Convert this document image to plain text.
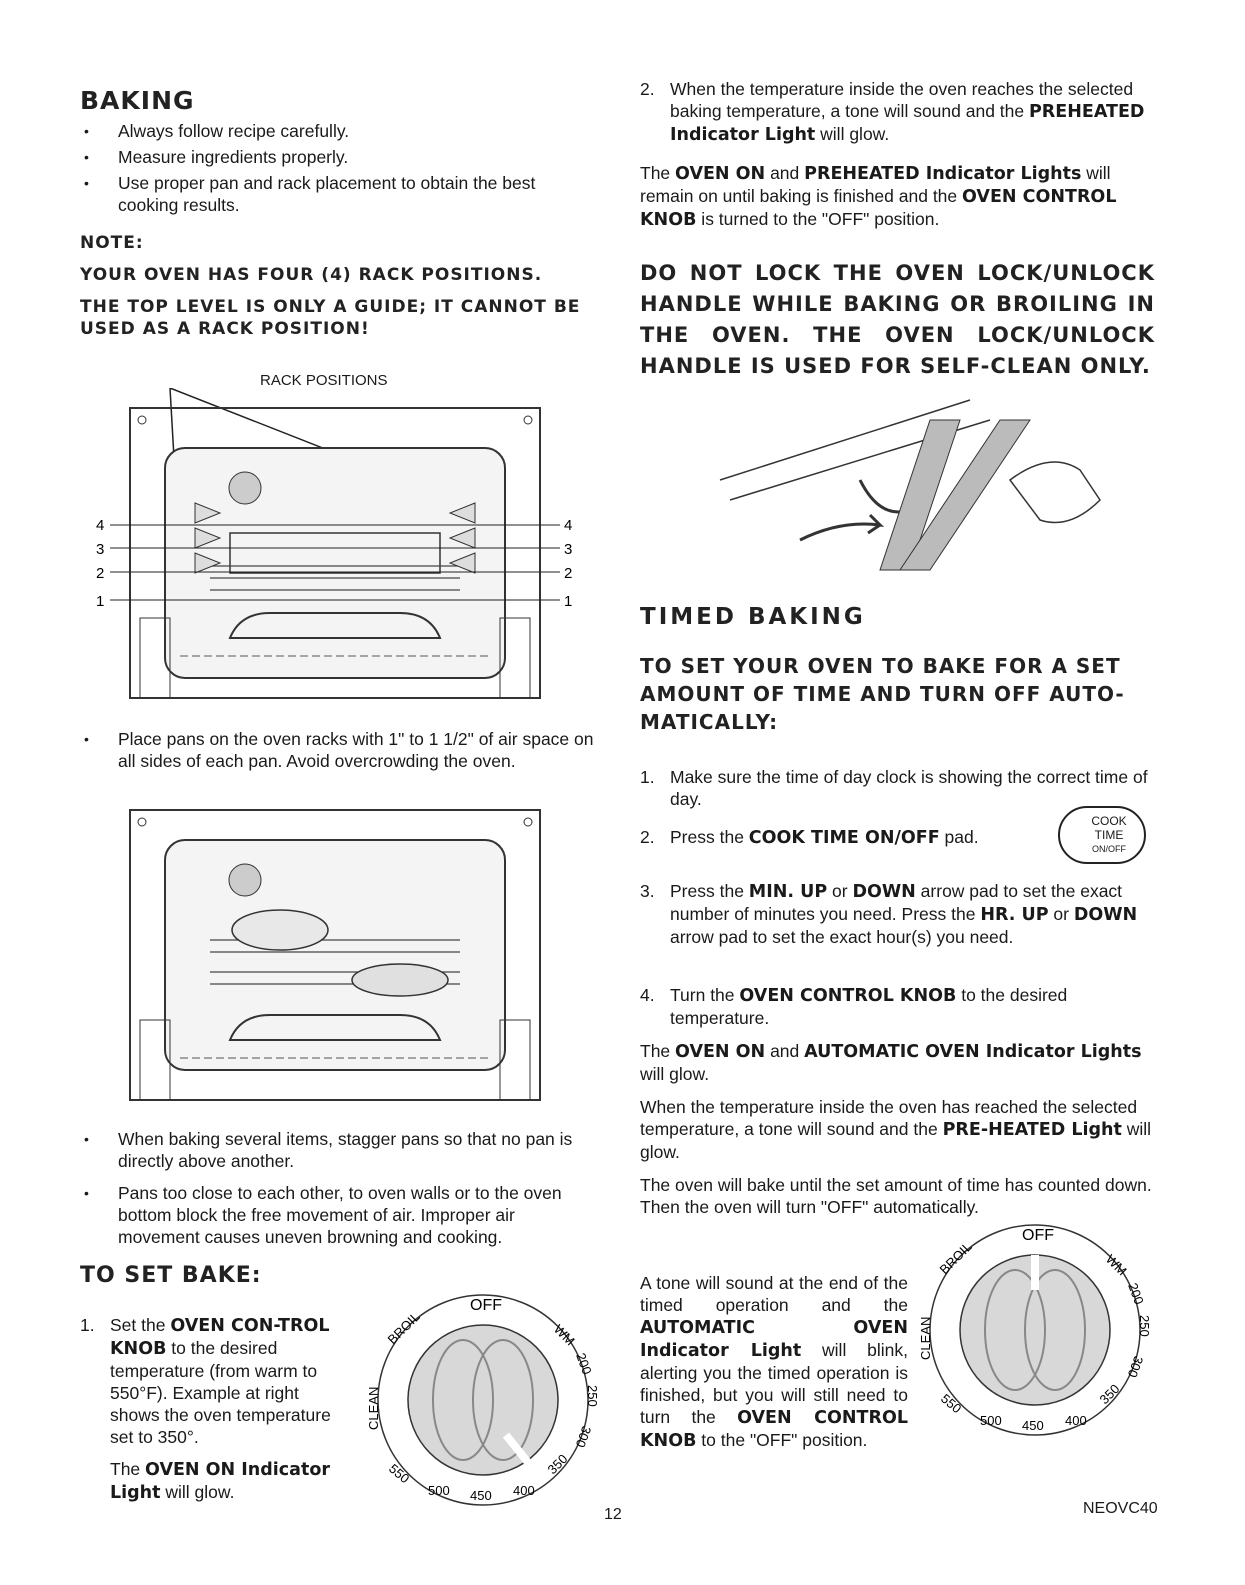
BAKING
• Always follow recipe carefully.
• Measure ingredients properly.
• Use proper pan and rack placement to obtain the best cooking results.
NOTE:
YOUR OVEN HAS FOUR (4) RACK POSITIONS.
THE TOP LEVEL IS ONLY A GUIDE; IT CANNOT BE USED AS A RACK POSITION!
RACK POSITIONS
4
3
2
1
4
3
2
1
• Place pans on the oven racks with 1" to 1 1/2" of air space on all sides of each pan. Avoid overcrowding the oven.
• When baking several items, stagger pans so that no pan is directly above another.
• Pans too close to each other, to oven walls or to the oven bottom block the free movement of air. Improper air movement causes uneven browning and cooking.
TO SET BAKE:
1. Set the OVEN CON-TROL KNOB to the desired temperature (from warm to 550°F). Example at right shows the oven temperature set to 350°.
The OVEN ON Indicator Light will glow.
OFF
BROIL
CLEAN
WM
200
250
300
350
400
450
500
550
2. When the temperature inside the oven reaches the selected baking temperature, a tone will sound and the PREHEATED Indicator Light will glow.
The OVEN ON and PREHEATED Indicator Lights will remain on until baking is finished and the OVEN CONTROL KNOB is turned to the "OFF" position.
DO NOT LOCK THE OVEN LOCK/UNLOCK HANDLE WHILE BAKING OR BROILING IN THE OVEN. THE OVEN LOCK/UNLOCK HANDLE IS USED FOR SELF-CLEAN ONLY.
TIMED BAKING
TO SET YOUR OVEN TO BAKE FOR A SET AMOUNT OF TIME AND TURN OFF AUTO-MATICALLY:
1. Make sure the time of day clock is showing the correct time of day.
2. Press the COOK TIME ON/OFF pad.
COOK
TIME
ON/OFF
3. Press the MIN. UP or DOWN arrow pad to set the exact number of minutes you need. Press the HR. UP or DOWN arrow pad to set the exact hour(s) you need.
4. Turn the OVEN CONTROL KNOB to the desired temperature.
The OVEN ON and AUTOMATIC OVEN Indicator Lights will glow.
When the temperature inside the oven has reached the selected temperature, a tone will sound and the PRE-HEATED Light will glow.
The oven will bake until the set amount of time has counted down. Then the oven will turn "OFF" automatically.
A tone will sound at the end of the timed operation and the AUTOMATIC OVEN Indicator Light will blink, alerting you the timed operation is finished, but you will still need to turn the OVEN CONTROL KNOB to the "OFF" position.
OFF
BROIL
CLEAN
WM
200
250
300
350
400
450
500
550
12	NEOVC40
